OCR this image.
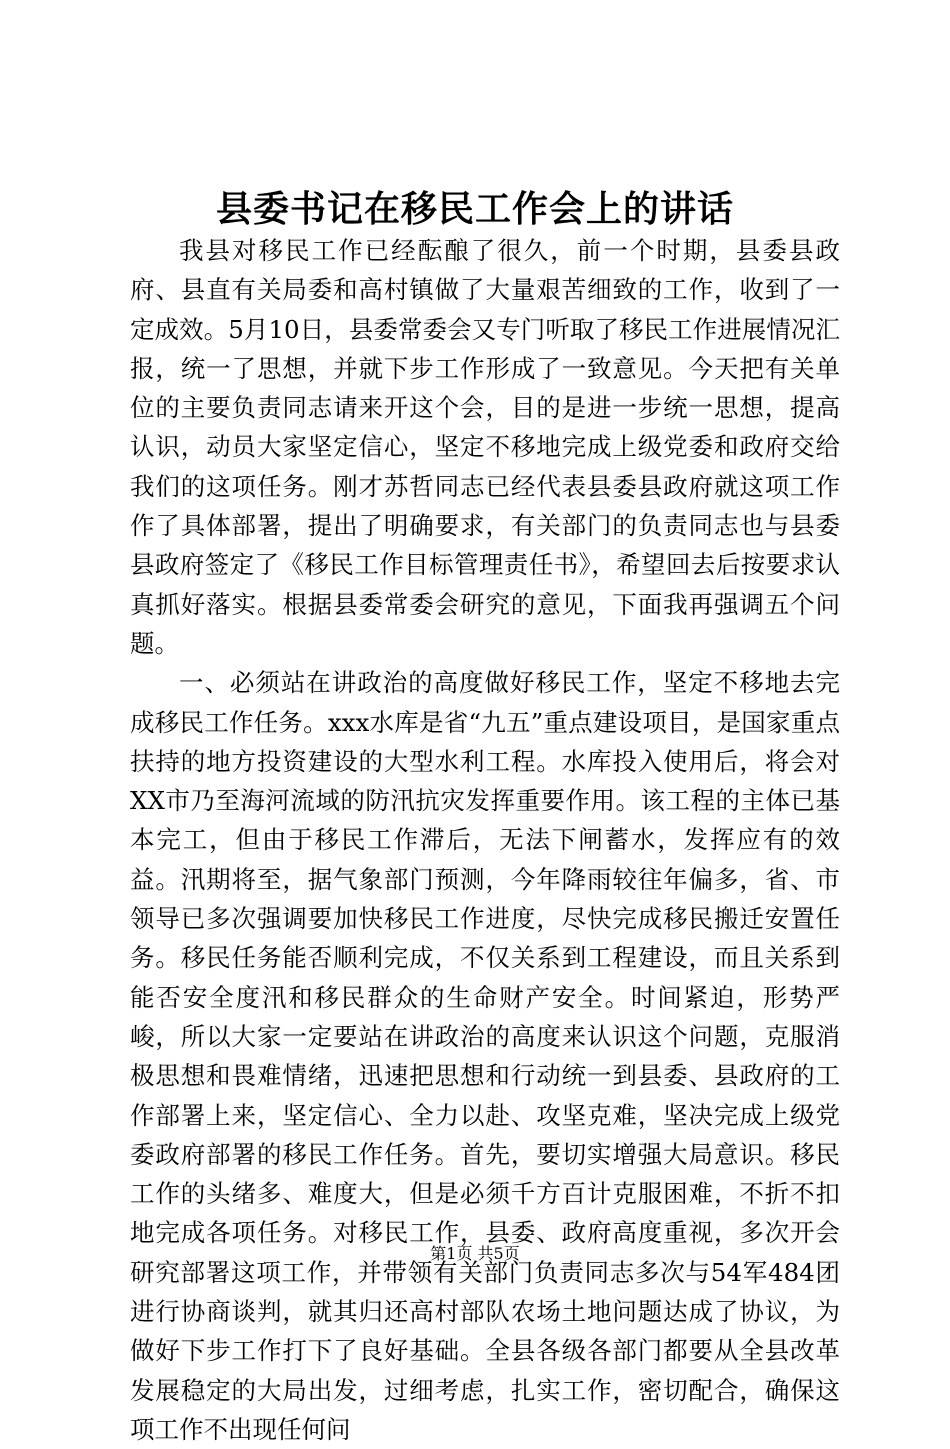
县委书记在移民工作会上的讲话

我县对移民工作已经酝酿了很久，前一个时期，县委县政府、县直有关局委和高村镇做了大量艰苦细致的工作，收到了一定成效。5月10日，县委常委会又专门听取了移民工作进展情况汇报，统一了思想，并就下步工作形成了一致意见。今天把有关单位的主要负责同志请来开这个会，目的是进一步统一思想，提高认识，动员大家坚定信心，坚定不移地完成上级党委和政府交给我们的这项任务。刚才苏哲同志已经代表县委县政府就这项工作作了具体部署，提出了明确要求，有关部门的负责同志也与县委县政府签定了《移民工作目标管理责任书》，希望回去后按要求认真抓好落实。根据县委常委会研究的意见，下面我再强调五个问题。

一、必须站在讲政治的高度做好移民工作，坚定不移地去完成移民工作任务。xxx水库是省“九五”重点建设项目，是国家重点扶持的地方投资建设的大型水利工程。水库投入使用后，将会对XX市乃至海河流域的防汛抗灾发挥重要作用。该工程的主体已基本完工，但由于移民工作滞后，无法下闸蓄水，发挥应有的效益。汛期将至，据气象部门预测，今年降雨较往年偏多，省、市领导已多次强调要加快移民工作进度，尽快完成移民搬迁安置任务。移民任务能否顺利完成，不仅关系到工程建设，而且关系到能否安全度汛和移民群众的生命财产安全。时间紧迫，形势严峻，所以大家一定要站在讲政治的高度来认识这个问题，克服消极思想和畏难情绪，迅速把思想和行动统一到县委、县政府的工作部署上来，坚定信心、全力以赴、攻坚克难，坚决完成上级党委政府部署的移民工作任务。首先，要切实增强大局意识。移民工作的头绪多、难度大，但是必须千方百计克服困难，不折不扣地完成各项任务。对移民工作，县委、政府高度重视，多次开会研究部署这项工作，并带领有关部门负责同志多次与54军484团进行协商谈判，就其归还高村部队农场土地问题达成了协议，为做好下步工作打下了良好基础。全县各级各部门都要从全县改革发展稳定的大局出发，过细考虑，扎实工作，密切配合，确保这项工作不出现任何问

第1页 共5页
